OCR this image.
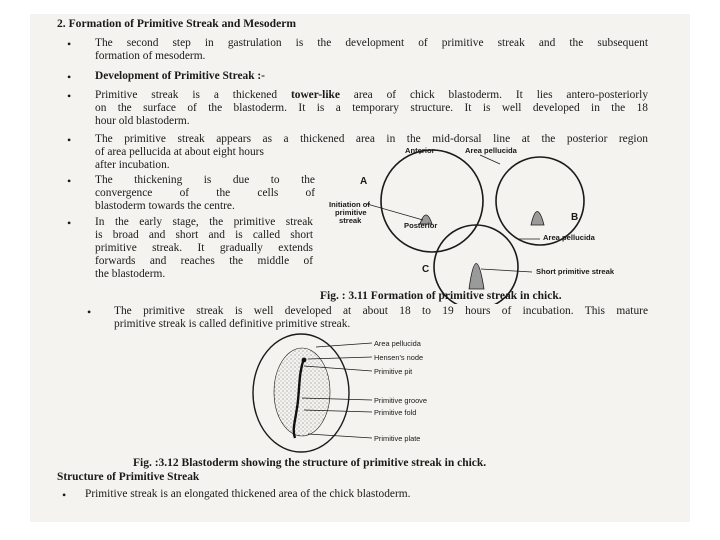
2. Formation of Primitive Streak and Mesoderm

• The second step in gastrulation is the development of primitive streak and the subsequent

formation of mesoderm.

• Development of Primitive Streak :-

• Primitive streak is a thickened tower-like area of chick blastoderm. It lies antero-posteriorly

on the surface of the blastoderm. It is a temporary structure. It is well developed in the 18

hour old blastoderm.

• The primitive streak appears as a thickened area in the mid-dorsal line at the posterior region

of area pellucida at about eight hours

after incubation.

• The thickening is due to the

convergence of the cells of

blastoderm towards the centre.

• In the early stage, the primitive streak

is broad and short and is called short

primitive streak. It gradually extends

forwards and reaches the middle of

the blastoderm.

Anterior	Area pellucida
A
Initiation of
primitive
streak
Posterior
B
Area pellucida
C	Short primitive streak

Fig. : 3.11 Formation of primitive streak in chick.

• The primitive streak is well developed at about 18 to 19 hours of incubation. This mature

primitive streak is called definitive primitive streak.

Area pellucida
Hensen's node
Primitive pit
Primitive groove
Primitive fold
Primitive plate

Fig. :3.12 Blastoderm showing the structure of primitive streak in chick.

Structure of Primitive Streak

• Primitive streak is an elongated thickened area of the chick blastoderm.
